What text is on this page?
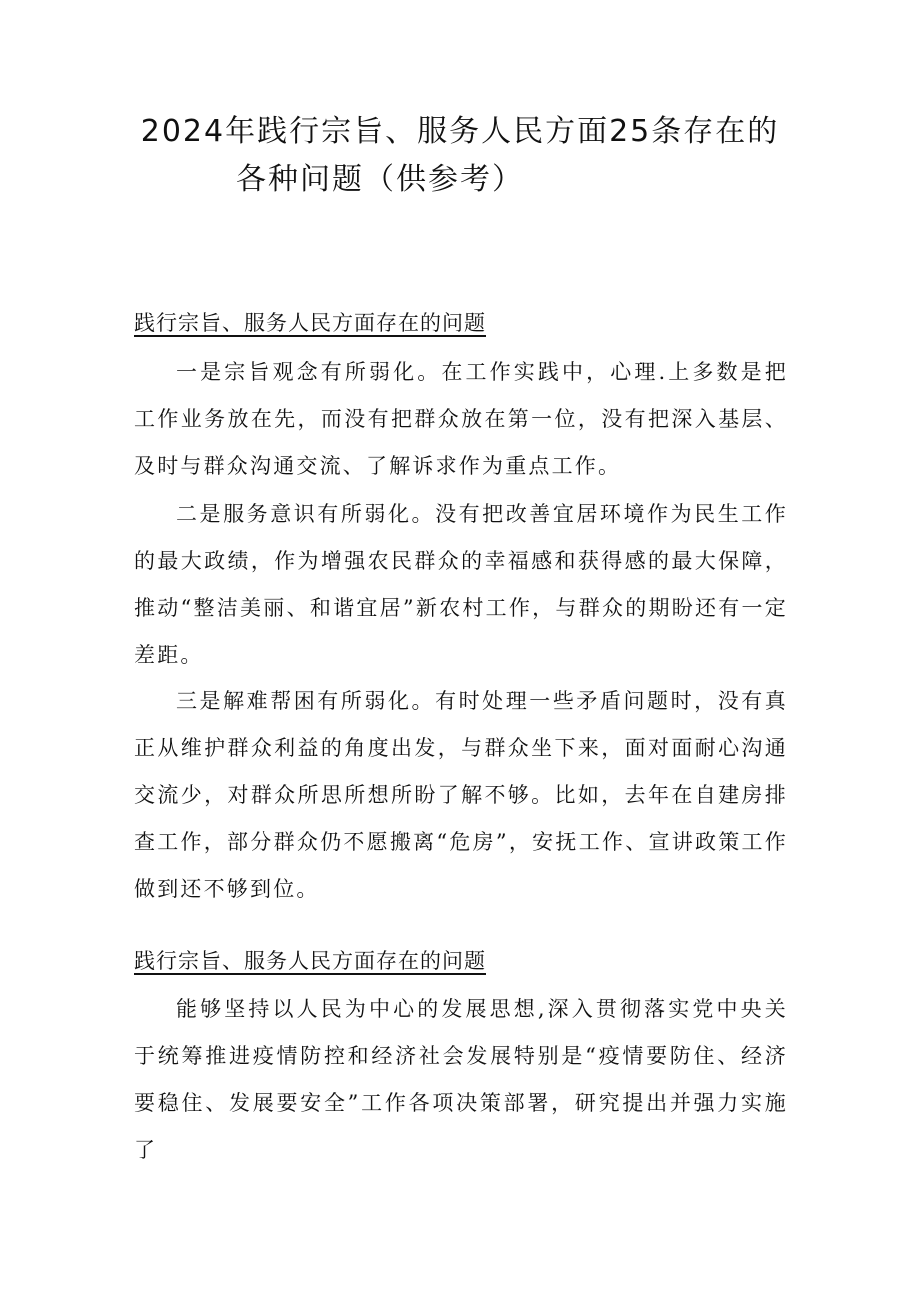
2024年践行宗旨、服务人民方面25条存在的
各种问题（供参考）
践行宗旨、服务人民方面存在的问题

一是宗旨观念有所弱化。在工作实践中，心理.上多数是把工作业务放在先，而没有把群众放在第一位，没有把深入基层、及时与群众沟通交流、了解诉求作为重点工作。

二是服务意识有所弱化。没有把改善宜居环境作为民生工作的最大政绩，作为增强农民群众的幸福感和获得感的最大保障，推动“整洁美丽、和谐宜居”新农村工作，与群众的期盼还有一定差距。

三是解难帮困有所弱化。有时处理一些矛盾问题时，没有真正从维护群众利益的角度出发，与群众坐下来，面对面耐心沟通交流少，对群众所思所想所盼了解不够。比如，去年在自建房排查工作，部分群众仍不愿搬离“危房”，安抚工作、宣讲政策工作做到还不够到位。

践行宗旨、服务人民方面存在的问题

能够坚持以人民为中心的发展思想,深入贯彻落实党中央关于统筹推进疫情防控和经济社会发展特别是“疫情要防住、经济要稳住、发展要安全”工作各项决策部署，研究提出并强力实施了
